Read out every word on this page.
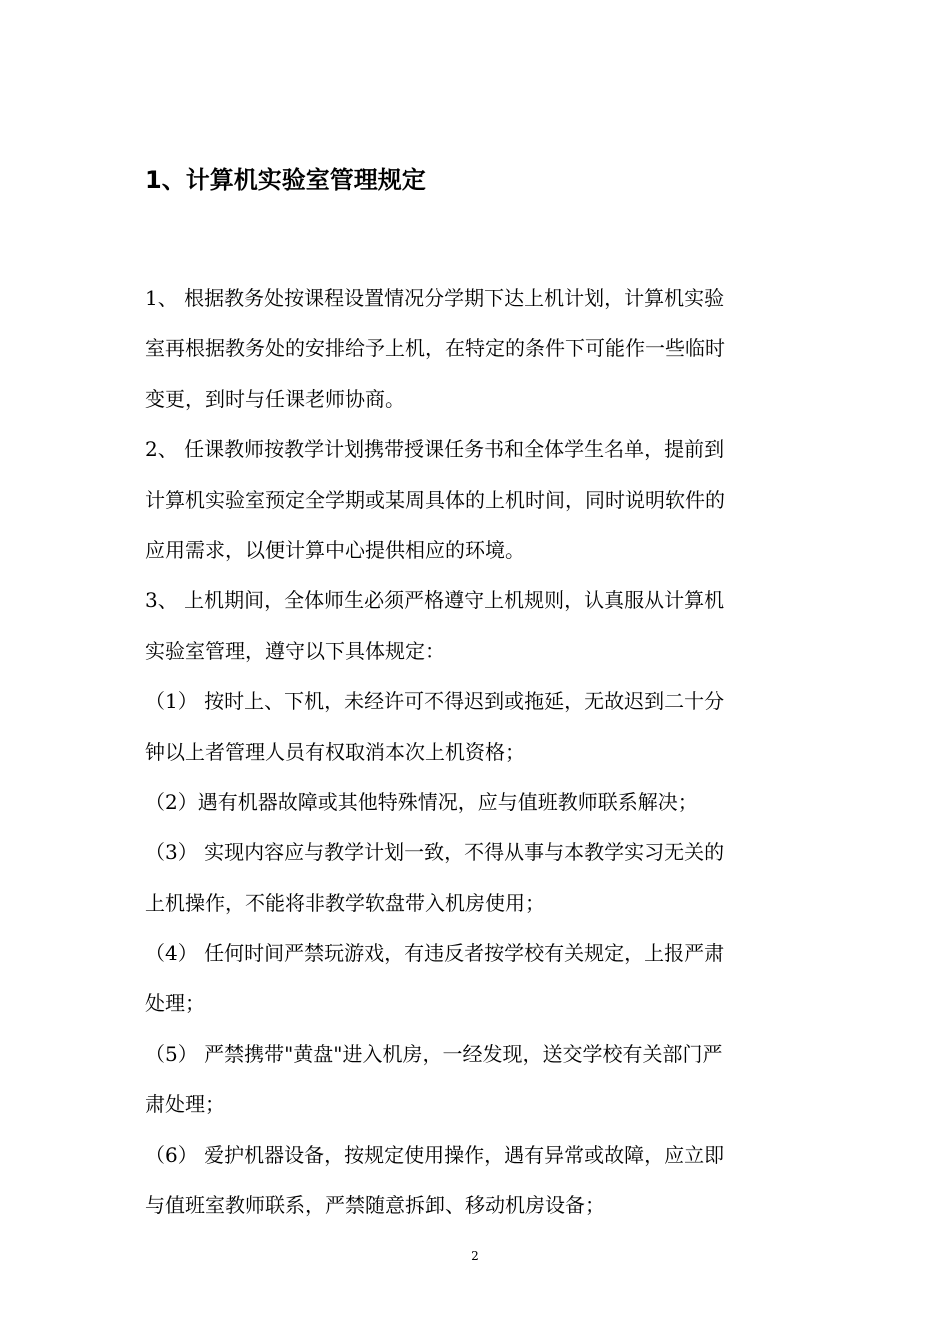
1、计算机实验室管理规定
1、 根据教务处按课程设置情况分学期下达上机计划，计算机实验
室再根据教务处的安排给予上机，在特定的条件下可能作一些临时
变更，到时与任课老师协商。
2、 任课教师按教学计划携带授课任务书和全体学生名单，提前到
计算机实验室预定全学期或某周具体的上机时间，同时说明软件的
应用需求，以便计算中心提供相应的环境。
3、 上机期间，全体师生必须严格遵守上机规则，认真服从计算机
实验室管理，遵守以下具体规定：
（1） 按时上、下机，未经许可不得迟到或拖延，无故迟到二十分
钟以上者管理人员有权取消本次上机资格；
（2）遇有机器故障或其他特殊情况，应与值班教师联系解决；
（3） 实现内容应与教学计划一致，不得从事与本教学实习无关的
上机操作，不能将非教学软盘带入机房使用；
（4） 任何时间严禁玩游戏，有违反者按学校有关规定，上报严肃
处理；
（5） 严禁携带"黄盘"进入机房，一经发现，送交学校有关部门严
肃处理；
（6） 爱护机器设备，按规定使用操作，遇有异常或故障，应立即
与值班室教师联系，严禁随意拆卸、移动机房设备；
2
